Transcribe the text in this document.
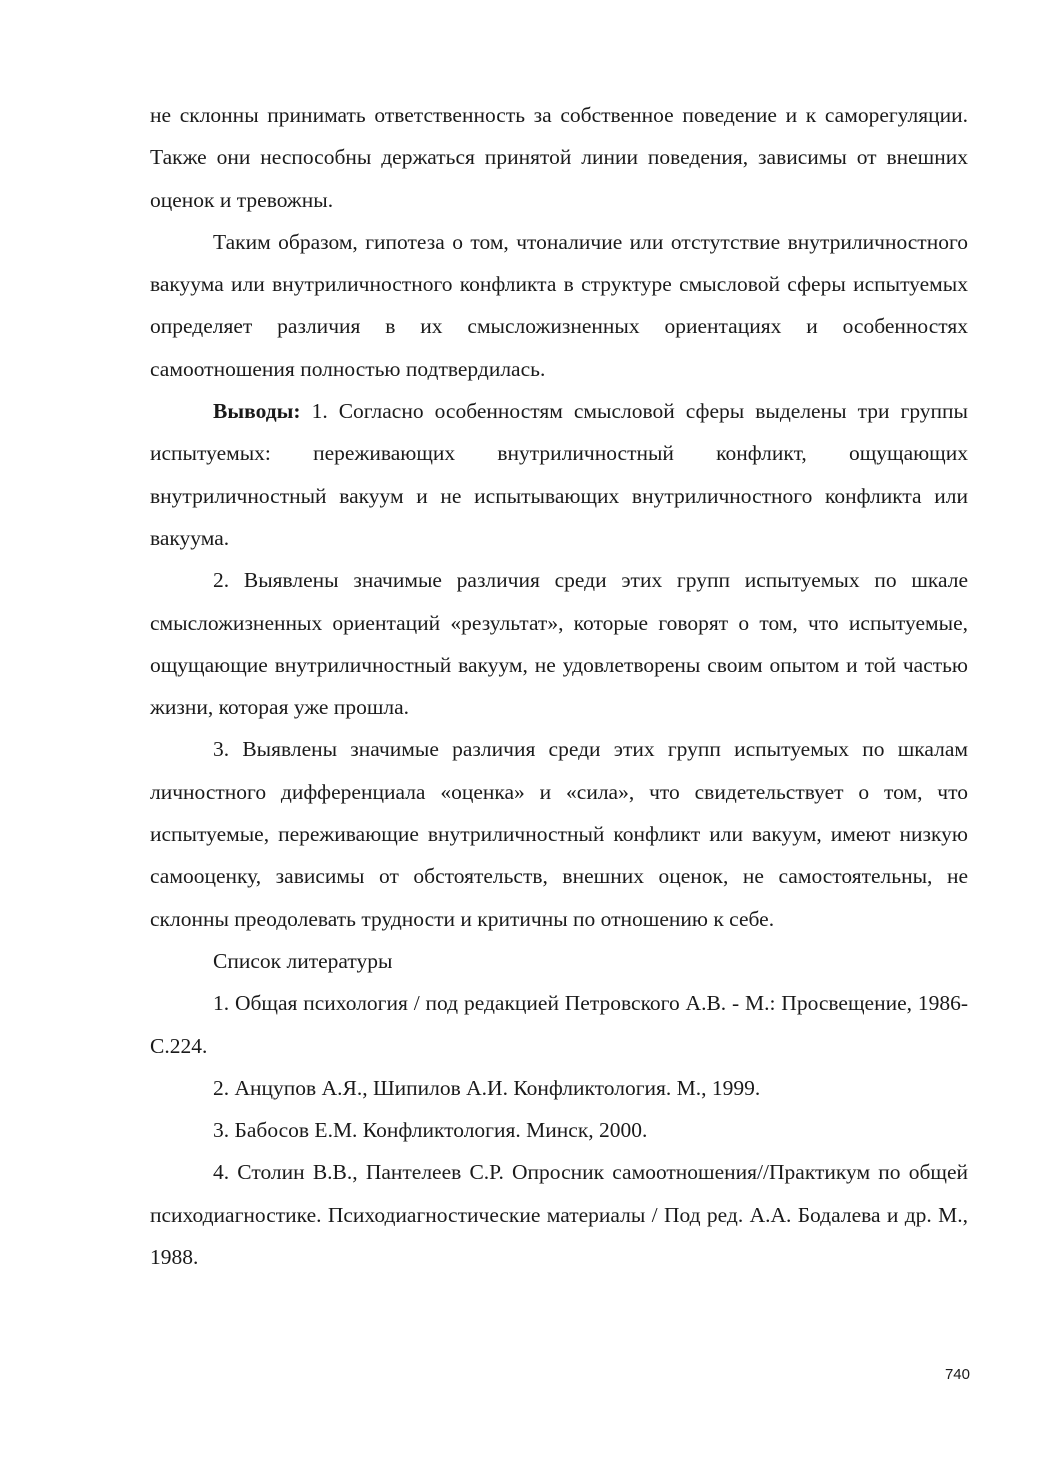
не склонны принимать ответственность за собственное поведение и к саморегуляции. Также они неспособны держаться принятой линии поведения, зависимы от внешних оценок и тревожны.

Таким образом, гипотеза о том, чтоналичие или отстутствие внутриличностного вакуума или внутриличностного конфликта в структуре смысловой сферы испытуемых определяет различия в их смысложизненных ориентациях и особенностях самоотношения полностью подтвердилась.

Выводы: 1. Согласно особенностям смысловой сферы выделены три группы испытуемых: переживающих внутриличностный конфликт, ощущающих внутриличностный вакуум и не испытывающих внутриличностного конфликта или вакуума.

2. Выявлены значимые различия среди этих групп испытуемых по шкале смысложизненных ориентаций «результат», которые говорят о том, что испытуемые, ощущающие внутриличностный вакуум, не удовлетворены своим опытом и той частью жизни, которая уже прошла.

3. Выявлены значимые различия среди этих групп испытуемых по шкалам личностного дифференциала «оценка» и «сила», что свидетельствует о том, что испытуемые, переживающие внутриличностный конфликт или вакуум, имеют низкую самооценку, зависимы от обстоятельств, внешних оценок, не самостоятельны, не склонны преодолевать трудности и критичны по отношению к себе.

Список литературы

1. Общая психология / под редакцией Петровского А.В. - М.: Просвещение, 1986- С.224.

2. Анцупов А.Я., Шипилов А.И. Конфликтология. М., 1999.

3. Бабосов Е.М. Конфликтология. Минск, 2000.

4. Столин В.В., Пантелеев С.Р. Опросник самоотношения//Практикум по общей психодиагностике. Психодиагностические материалы / Под ред. А.А. Бодалева и др. М., 1988.

740
